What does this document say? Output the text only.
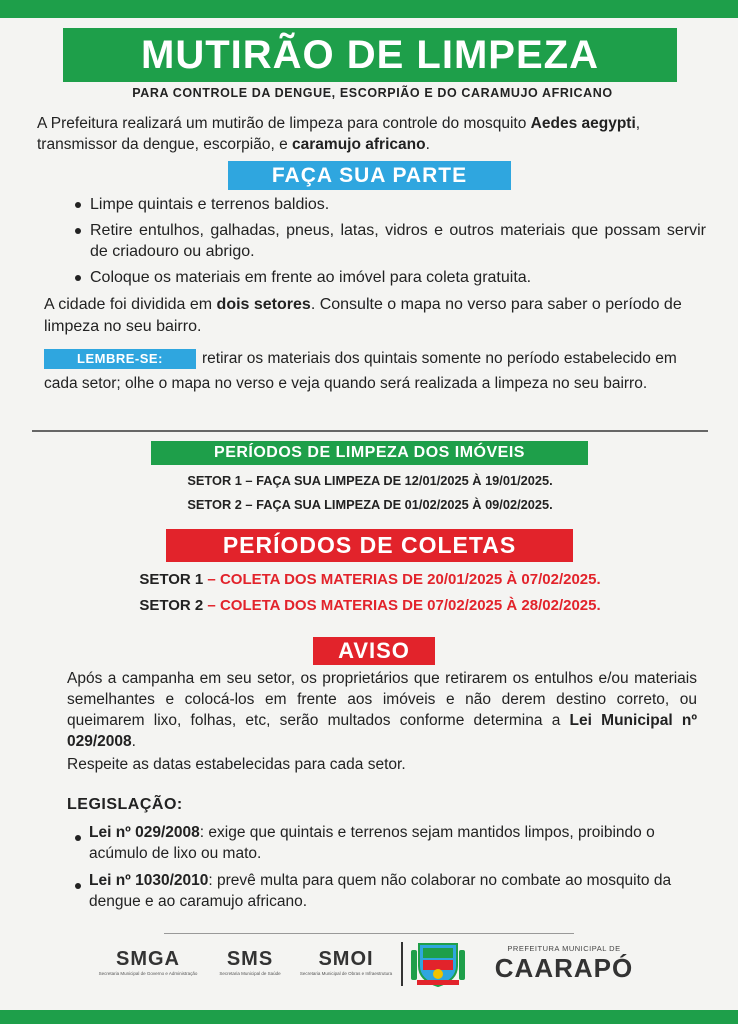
MUTIRÃO DE LIMPEZA
PARA CONTROLE DA DENGUE, ESCORPIÃO E DO CARAMUJO AFRICANO

A Prefeitura realizará um mutirão de limpeza para controle do mosquito Aedes aegypti, transmissor da dengue, escorpião, e caramujo africano.

FAÇA SUA PARTE
Limpe quintais e terrenos baldios.
Retire entulhos, galhadas, pneus, latas, vidros e outros materiais que possam servir de criadouro ou abrigo.
Coloque os materiais em frente ao imóvel para coleta gratuita.

A cidade foi dividida em dois setores. Consulte o mapa no verso para saber o período de limpeza no seu bairro.

LEMBRE-SE:	retirar os materiais dos quintais somente no período estabelecido em cada setor; olhe o mapa no verso e veja quando será realizada a limpeza no seu bairro.

PERÍODOS DE LIMPEZA DOS IMÓVEIS
SETOR 1 – FAÇA SUA LIMPEZA DE 12/01/2025 À 19/01/2025.
SETOR 2 – FAÇA SUA LIMPEZA DE 01/02/2025 À 09/02/2025.
PERÍODOS DE COLETAS
SETOR 1 – COLETA DOS MATERIAS DE 20/01/2025 À 07/02/2025.
SETOR 2 – COLETA DOS MATERIAS DE 07/02/2025 À 28/02/2025.
AVISO

Após a campanha em seu setor, os proprietários que retirarem os entulhos e/ou materiais semelhantes e colocá-los em frente aos imóveis e não derem destino correto, ou queimarem lixo, folhas, etc, serão multados conforme determina a Lei Municipal nº 029/2008.

Respeite as datas estabelecidas para cada setor.

LEGISLAÇÃO:
Lei nº 029/2008: exige que quintais e terrenos sejam mantidos limpos, proibindo o acúmulo de lixo ou mato.
Lei nº 1030/2010: prevê multa para quem não colaborar no combate ao mosquito da dengue e ao caramujo africano.
SMGA
Secretaria Municipal de Governo e Administração
SMS
Secretaria Municipal de Saúde
SMOI
Secretaria Municipal de Obras e Infraestrutura
PREFEITURA MUNICIPAL DE
CAARAPÓ
